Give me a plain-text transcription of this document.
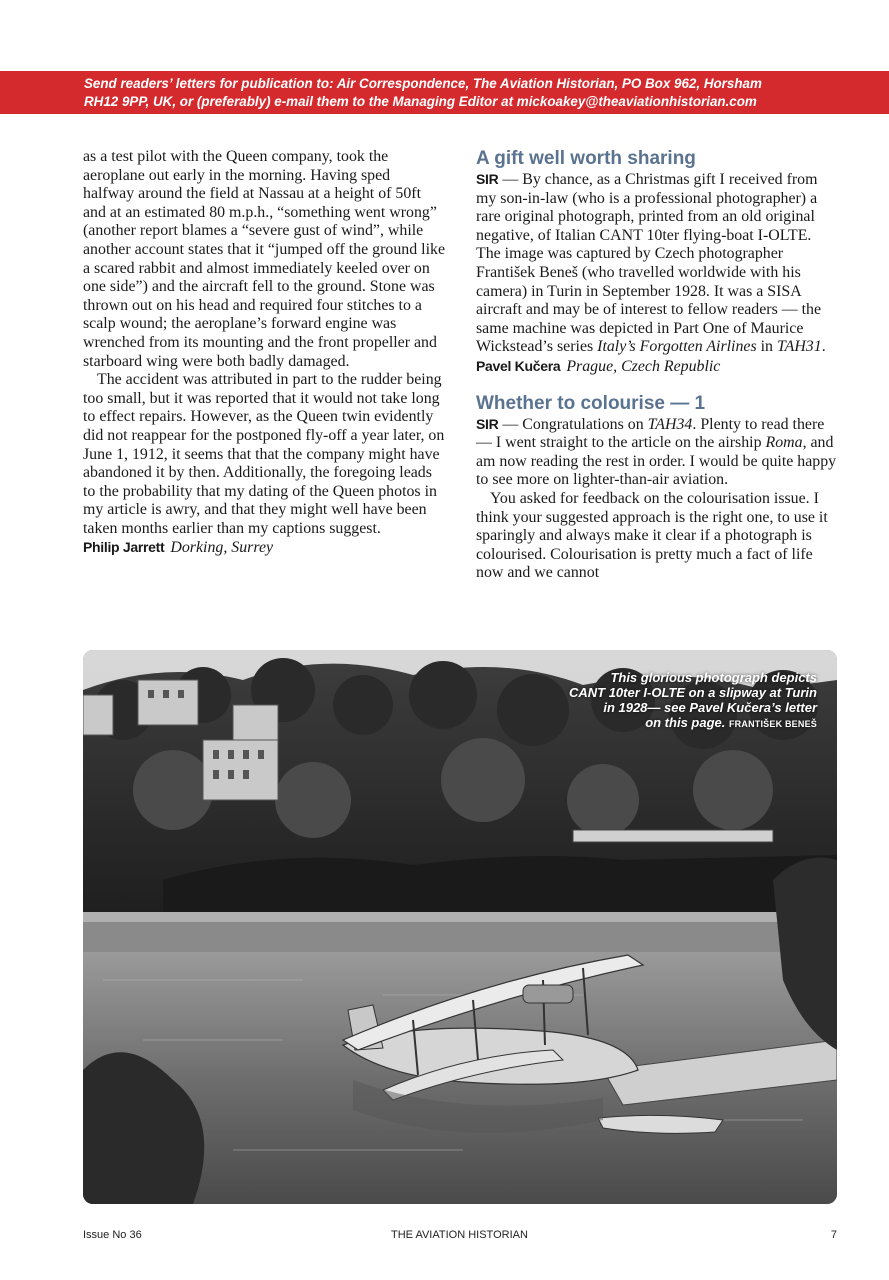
Send readers’ letters for publication to: Air Correspondence, The Aviation Historian, PO Box 962, Horsham
RH12 9PP, UK, or (preferably) e-mail them to the Managing Editor at mickoakey@theaviationhistorian.com

as a test pilot with the Queen company, took the aeroplane out early in the morning. Having sped halfway around the field at Nassau at a height of 50ft and at an estimated 80 m.p.h., “something went wrong” (another report blames a “severe gust of wind”, while another account states that it “jumped off the ground like a scared rabbit and almost immediately keeled over on one side”) and the aircraft fell to the ground. Stone was thrown out on his head and required four stitches to a scalp wound; the aeroplane’s forward engine was wrenched from its mounting and the front propeller and starboard wing were both badly damaged.

The accident was attributed in part to the rudder being too small, but it was reported that it would not take long to effect repairs. However, as the Queen twin evidently did not reappear for the postponed fly-off a year later, on June 1, 1912, it seems that that the company might have abandoned it by then. Additionally, the foregoing leads to the probability that my dating of the Queen photos in my article is awry, and that they might well have been taken months earlier than my captions suggest.

Philip Jarrett Dorking, Surrey

A gift well worth sharing

SIR — By chance, as a Christmas gift I received from my son-in-law (who is a professional photographer) a rare original photograph, printed from an old original negative, of Italian CANT 10ter flying-boat I-OLTE. The image was captured by Czech photographer František Beneš (who travelled worldwide with his camera) in Turin in September 1928. It was a SISA aircraft and may be of interest to fellow readers — the same machine was depicted in Part One of Maurice Wickstead’s series Italy’s Forgotten Airlines in TAH31.

Pavel Kučera Prague, Czech Republic

Whether to colourise — 1

SIR — Congratulations on TAH34. Plenty to read there — I went straight to the article on the airship Roma, and am now reading the rest in order. I would be quite happy to see more on lighter-than-air aviation.

You asked for feedback on the colourisation issue. I think your suggested approach is the right one, to use it sparingly and always make it clear if a photograph is colourised. Colourisation is pretty much a fact of life now and we cannot

This glorious photograph depicts
CANT 10ter I-OLTE on a slipway at Turin
in 1928— see Pavel Kučera’s letter
on this page. FRANTIŠEK BENEŠ
Issue No 36	THE AVIATION HISTORIAN	7
